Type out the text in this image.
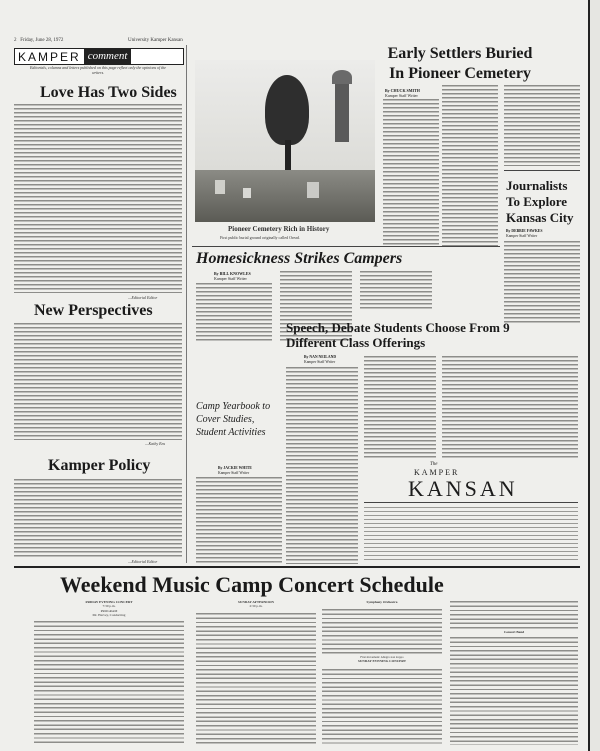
2 Friday, June 28, 1972	University Kamper Kansan
KAMPER comment
Editorials, columns and letters published on this page reflect only the opinions of the writers.
Love Has Two Sides
—Editorial Editor
New Perspectives
—Kathy Ens
Kamper Policy
—Editorial Editor
Pioneer Cemetery Rich in History
First public burial ground originally called Oread.
Early Settlers Buried In Pioneer Cemetery
By CHUCK SMITH
Kamper Staff Writer
Journalists To Explore Kansas City
By DEBBIE FAWKES
Kamper Staff Writer
Homesickness Strikes Campers
By BILL KNOWLES
Kamper Staff Writer
Speech, Debate Students Choose From 9 Different Class Offerings
By NAN NEILAND
Kamper Staff Writer
Camp Yearbook to Cover Studies, Student Activities
By JACKIE WHITE
Kamper Staff Writer
The
KAMPER
KANSAN
Weekend Music Camp Concert Schedule
FRIDAY EVENING CONCERT
7:30 p.m.
PROGRAM
Mr. Harvey, Conducting
SUNDAY AFTERNOON
2:30 p.m.
Symphony Orchestra
First movement: Allegro non troppo
SUNDAY EVENING CONCERT
Concert Band
